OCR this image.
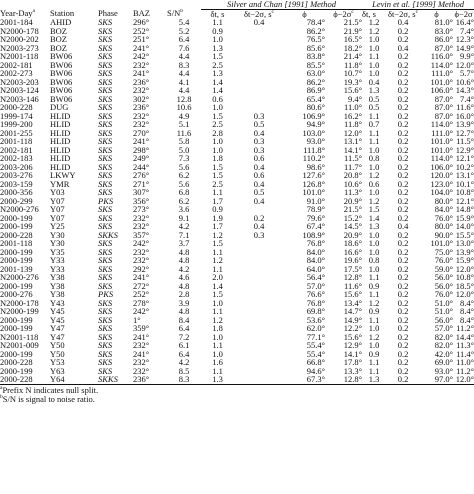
					Silver and Chan [1991] Method				Levin et al. [1999] Method			
Year-Day$^a$	Station	Phase	BAZ	$S/N^b$	δt, s	δt−2σ, $s^c$	ϕ	$\phi-2\sigma^c$	δt, s	δt−2σ, $s^c$	ϕ	ϕ−2σ
2001-184	AHID	SKS	296°	5.4	1.1	0.4	78.4°	21.5°	1.2	0.4	81.0°	16.4°
N2000-178	BOZ	SKS	252°	5.2	0.9		86.2°	21.9°	1.2	0.2	83.0°	7.4°
N2000-202	BOZ	SKS	251°	6.4	1.0		76.5°	16.5°	1.0	0.2	86.0°	12.3°
N2003-273	BOZ	SKS	241°	7.6	1.3		85.6°	18.2°	1.0	0.4	87.0°	14.9°
N2001-118	BW06	SKS	242°	4.4	1.5		83.8°	21.4°	1.1	0.2	116.0°	9.9°
2002-181	BW06	SKS	232°	8.3	2.5		85.5°	11.8°	1.0	0.2	114.0°	12.0°
2002-273	BW06	SKS	241°	4.4	1.3		63.0°	10.7°	1.0	0.2	111.0°	5.7°
N2003-203	BW06	SKS	236°	4.1	1.4		86.2°	19.3°	0.4	0.2	101.0°	10.6°
N2003-124	BW06	SKS	232°	4.4	1.4		86.9°	15.6°	1.3	0.2	106.0°	14.3°
N2003-146	BW06	SKS	302°	12.8	0.6		65.4°	9.4°	0.5	0.2	87.0°	7.4°
2000-228	DUG	SKS	236°	10.6	1.0		80.6°	11.0°	0.5	0.2	87.0°	11.6°
1999-174	HLID	SKS	232°	4.9	1.5	0.3	106.9°	16.2°	1.1	0.2	87.0°	16.0°
1999-200	HLID	SKS	232°	5.1	2.5	0.5	94.9°	11.8°	0.7	0.2	114.0°	13.9°
2001-255	HLID	SKS	270°	11.6	2.8	0.4	103.0°	12.0°	1.1	0.2	111.0°	12.7°
2001-118	HLID	SKS	241°	5.8	1.0	0.3	93.0°	13.1°	1.1	0.2	101.0°	11.5°
2002-181	HLID	SKS	298°	5.0	1.0	0.3	111.8°	14.1°	1.0	0.2	101.0°	12.9°
2002-183	HLID	SKS	249°	7.3	1.8	0.6	110.2°	11.5°	0.8	0.2	114.0°	12.1°
2003-206	HLID	SKS	244°	5.6	1.5	0.4	98.6°	11.7°	1.0	0.2	106.0°	10.2°
2003-276	LKWY	SKS	276°	6.2	1.5	0.6	127.6°	20.8°	1.2	0.2	120.0°	13.1°
2003-159	YMR	SKS	271°	5.6	2.5	0.4	126.8°	10.6°	0.6	0.2	123.0°	10.1°
2000-356	Y03	SKS	307°	6.8	1.1	0.5	101.0°	11.3°	1.0	0.2	104.0°	10.8°
2000-299	Y07	PKS	356°	6.2	1.7	0.4	91.0°	20.9°	1.2	0.2	80.0°	12.1°
N2000-276	Y07	SKS	273°	3.6	0.9		78.9°	21.5°	1.5	0.2	84.0°	14.8°
2000-199	Y07	SKS	232°	9.1	1.9	0.2	79.6°	15.2°	1.4	0.2	76.0°	15.9°
2000-199	Y25	SKS	232°	4.2	1.7	0.4	67.4°	14.5°	1.3	0.4	80.0°	14.0°
2000-228	Y30	SKKS	357°	7.1	1.2	0.3	108.9°	20.9°	1.0	0.2	90.0°	15.5°
2001-118	Y30	SKS	242°	3.7	1.5		76.8°	18.6°	1.0	0.2	101.0°	13.0°
2000-199	Y35	SKS	232°	4.8	1.1		84.0°	16.6°	1.0	0.2	75.0°	13.9°
2000-199	Y33	SKS	232°	4.8	1.2		84.0°	19.6°	0.8	0.2	76.0°	15.9°
2001-139	Y33	SKS	292°	4.2	1.1		64.0°	17.5°	1.0	0.2	59.0°	12.0°
N2000-276	Y38	SKS	241°	4.6	2.0		56.4°	12.8°	1.1	0.2	56.0°	10.8°
2000-199	Y38	SKS	272°	4.8	1.4		57.0°	11.6°	0.9	0.2	56.0°	18.5°
2000-276	Y38	PKS	252°	2.8	1.5		76.6°	15.6°	1.1	0.2	76.0°	12.0°
N2000-178	Y43	SKS	278°	3.9	1.0		76.8°	13.4°	1.2	0.2	51.0°	8.4°
N2000-199	Y45	SKS	242°	4.8	1.1		69.8°	14.7°	0.9	0.2	51.0°	8.4°
2000-199	Y45	SKS	1°	8.4	1.2		53.6°	14.9°	1.1	0.2	56.0°	8.4°
2000-199	Y47	SKS	359°	6.4	1.8		62.0°	12.2°	1.0	0.2	57.0°	11.2°
N2001-118	Y47	SKS	241°	7.2	1.0		77.1°	15.6°	1.2	0.2	82.0°	14.4°
N2001-009	Y50	SKS	232°	6.1	1.1		55.4°	12.9°	1.0	0.2	82.0°	11.3°
2000-199	Y50	SKS	241°	6.4	1.0		55.4°	14.1°	0.9	0.2	42.0°	11.4°
2000-228	Y53	SKS	232°	4.2	1.6		66.8°	17.8°	1.1	0.2	69.0°	11.0°
2000-199	Y63	SKS	232°	8.5	1.1		94.6°	13.3°	1.1	0.2	93.0°	11.2°
2000-228	Y64	SKKS	236°	8.3	1.3		67.3°	12.8°	1.3	0.2	97.0°	12.0°
$^a$Prefix N indicates null split.
$^b$S/N is signal to noise ratio.
